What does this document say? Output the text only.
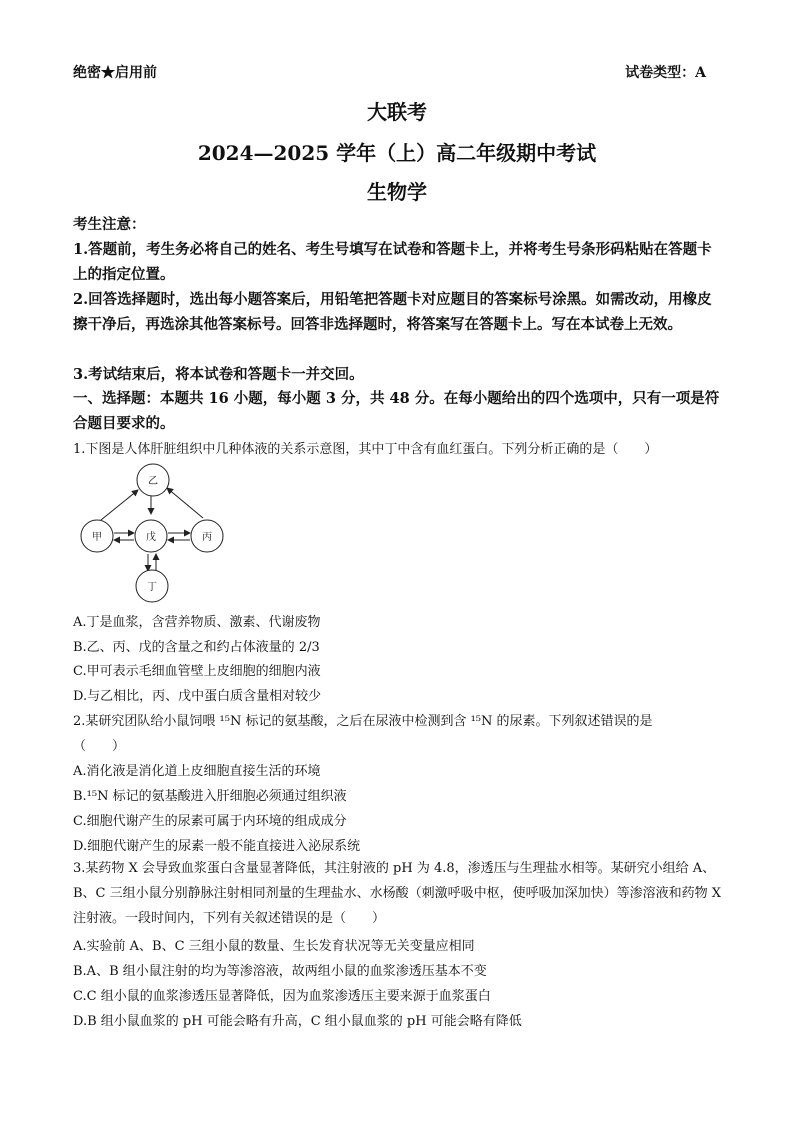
绝密★启用前	试卷类型：A
大联考
2024—2025 学年（上）高二年级期中考试
生物学
考生注意：
1.答题前，考生务必将自己的姓名、考生号填写在试卷和答题卡上，并将考生号条形码粘贴在答题卡上的指定位置。
2.回答选择题时，选出每小题答案后，用铅笔把答题卡对应题目的答案标号涂黑。如需改动，用橡皮擦干净后，再选涂其他答案标号。回答非选择题时，将答案写在答题卡上。写在本试卷上无效。
3.考试结束后，将本试卷和答题卡一并交回。
一、选择题：本题共 16 小题，每小题 3 分，共 48 分。在每小题给出的四个选项中，只有一项是符合题目要求的。
1.下图是人体肝脏组织中几种体液的关系示意图，其中丁中含有血红蛋白。下列分析正确的是（　　）
乙
甲	戊	丙
丁
A.丁是血浆，含营养物质、激素、代谢废物
B.乙、丙、戊的含量之和约占体液量的 2/3
C.甲可表示毛细血管壁上皮细胞的细胞内液
D.与乙相比，丙、戊中蛋白质含量相对较少
2.某研究团队给小鼠饲喂 ¹⁵N 标记的氨基酸，之后在尿液中检测到含 ¹⁵N 的尿素。下列叙述错误的是
（　　）
A.消化液是消化道上皮细胞直接生活的环境
B.¹⁵N 标记的氨基酸进入肝细胞必须通过组织液
C.细胞代谢产生的尿素可属于内环境的组成成分
D.细胞代谢产生的尿素一般不能直接进入泌尿系统
3.某药物 X 会导致血浆蛋白含量显著降低，其注射液的 pH 为 4.8，渗透压与生理盐水相等。某研究小组给 A、B、C 三组小鼠分别静脉注射相同剂量的生理盐水、水杨酸（刺激呼吸中枢，使呼吸加深加快）等渗溶液和药物 X 注射液。一段时间内，下列有关叙述错误的是（　　）
A.实验前 A、B、C 三组小鼠的数量、生长发育状况等无关变量应相同
B.A、B 组小鼠注射的均为等渗溶液，故两组小鼠的血浆渗透压基本不变
C.C 组小鼠的血浆渗透压显著降低，因为血浆渗透压主要来源于血浆蛋白
D.B 组小鼠血浆的 pH 可能会略有升高，C 组小鼠血浆的 pH 可能会略有降低
